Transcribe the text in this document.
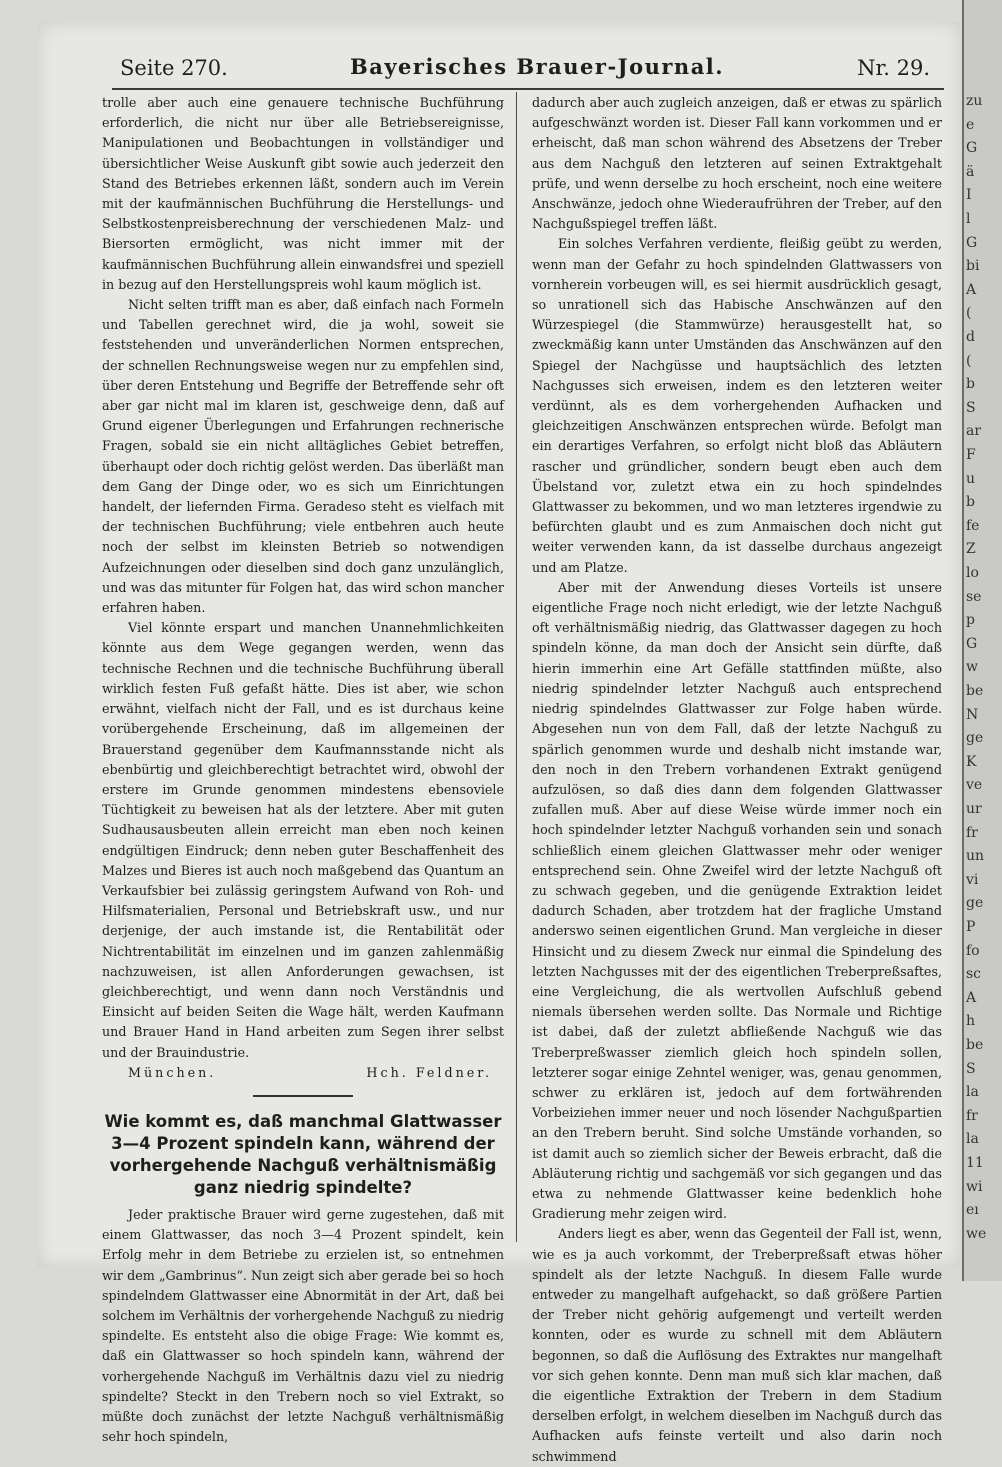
zu
e
G
ä
I
l
G
bi
A
(
d
(
b
S
ar
F
u
b
fe
Z
lo
se
p
G
w
be
N
ge
K
ve
ur
fr
un
vi
ge
P
fo
sc
A
h
be
S
la
fr
la
11
wi
eı
we
Seite 270.	Bayerisches Brauer-Journal.	Nr. 29.

trolle aber auch eine genauere technische Buchführung erforderlich, die nicht nur über alle Betriebsereignisse, Manipulationen und Beobachtungen in vollständiger und übersichtlicher Weise Auskunft gibt sowie auch jederzeit den Stand des Betriebes erkennen läßt, sondern auch im Verein mit der kaufmännischen Buchführung die Herstellungs- und Selbstkostenpreisberechnung der verschiedenen Malz- und Biersorten ermöglicht, was nicht immer mit der kaufmännischen Buchführung allein einwandsfrei und speziell in bezug auf den Herstellungspreis wohl kaum möglich ist.

Nicht selten trifft man es aber, daß einfach nach Formeln und Tabellen gerechnet wird, die ja wohl, soweit sie feststehenden und unveränderlichen Normen entsprechen, der schnellen Rechnungsweise wegen nur zu empfehlen sind, über deren Entstehung und Begriffe der Betreffende sehr oft aber gar nicht mal im klaren ist, geschweige denn, daß auf Grund eigener Überlegungen und Erfahrungen rechnerische Fragen, sobald sie ein nicht alltägliches Gebiet betreffen, überhaupt oder doch richtig gelöst werden. Das überläßt man dem Gang der Dinge oder, wo es sich um Einrichtungen handelt, der liefernden Firma. Geradeso steht es vielfach mit der technischen Buchführung; viele entbehren auch heute noch der selbst im kleinsten Betrieb so notwendigen Aufzeichnungen oder dieselben sind doch ganz unzulänglich, und was das mitunter für Folgen hat, das wird schon mancher erfahren haben.

Viel könnte erspart und manchen Unannehmlichkeiten könnte aus dem Wege gegangen werden, wenn das technische Rechnen und die technische Buchführung überall wirklich festen Fuß gefaßt hätte. Dies ist aber, wie schon erwähnt, vielfach nicht der Fall, und es ist durchaus keine vorübergehende Erscheinung, daß im allgemeinen der Brauerstand gegenüber dem Kaufmannsstande nicht als ebenbürtig und gleichberechtigt betrachtet wird, obwohl der erstere im Grunde genommen mindestens ebensoviele Tüchtigkeit zu beweisen hat als der letztere. Aber mit guten Sudhausausbeuten allein erreicht man eben noch keinen endgültigen Eindruck; denn neben guter Beschaffenheit des Malzes und Bieres ist auch noch maßgebend das Quantum an Verkaufsbier bei zulässig geringstem Aufwand von Roh- und Hilfsmaterialien, Personal und Betriebskraft usw., und nur derjenige, der auch imstande ist, die Rentabilität oder Nichtrentabilität im einzelnen und im ganzen zahlenmäßig nachzuweisen, ist allen Anforderungen gewachsen, ist gleichberechtigt, und wenn dann noch Verständnis und Einsicht auf beiden Seiten die Wage hält, werden Kaufmann und Brauer Hand in Hand arbeiten zum Segen ihrer selbst und der Brauindustrie.

München.	Hch. Feldner.
Wie kommt es, daß manchmal Glattwasser 3—4 Prozent spindeln kann, während der vorhergehende Nachguß verhältnismäßig ganz niedrig spindelte?

Jeder praktische Brauer wird gerne zugestehen, daß mit einem Glattwasser, das noch 3—4 Prozent spindelt, kein Erfolg mehr in dem Betriebe zu erzielen ist, so entnehmen wir dem „Gambrinus“. Nun zeigt sich aber gerade bei so hoch spindelndem Glattwasser eine Abnormität in der Art, daß bei solchem im Verhältnis der vorhergehende Nachguß zu niedrig spindelte. Es entsteht also die obige Frage: Wie kommt es, daß ein Glattwasser so hoch spindeln kann, während der vorhergehende Nachguß im Verhältnis dazu viel zu niedrig spindelte? Steckt in den Trebern noch so viel Extrakt, so müßte doch zunächst der letzte Nachguß verhältnismäßig sehr hoch spindeln,

dadurch aber auch zugleich anzeigen, daß er etwas zu spärlich aufgeschwänzt worden ist. Dieser Fall kann vorkommen und er erheischt, daß man schon während des Absetzens der Treber aus dem Nachguß den letzteren auf seinen Extraktgehalt prüfe, und wenn derselbe zu hoch erscheint, noch eine weitere Anschwänze, jedoch ohne Wiederaufrühren der Treber, auf den Nachgußspiegel treffen läßt.

Ein solches Verfahren verdiente, fleißig geübt zu werden, wenn man der Gefahr zu hoch spindelnden Glattwassers von vornherein vorbeugen will, es sei hiermit ausdrücklich gesagt, so unrationell sich das Habische Anschwänzen auf den Würzespiegel (die Stammwürze) herausgestellt hat, so zweckmäßig kann unter Umständen das Anschwänzen auf den Spiegel der Nachgüsse und hauptsächlich des letzten Nachgusses sich erweisen, indem es den letzteren weiter verdünnt, als es dem vorhergehenden Aufhacken und gleichzeitigen Anschwänzen entsprechen würde. Befolgt man ein derartiges Verfahren, so erfolgt nicht bloß das Abläutern rascher und gründlicher, sondern beugt eben auch dem Übelstand vor, zuletzt etwa ein zu hoch spindelndes Glattwasser zu bekommen, und wo man letzteres irgendwie zu befürchten glaubt und es zum Anmaischen doch nicht gut weiter verwenden kann, da ist dasselbe durchaus angezeigt und am Platze.

Aber mit der Anwendung dieses Vorteils ist unsere eigentliche Frage noch nicht erledigt, wie der letzte Nachguß oft verhältnismäßig niedrig, das Glattwasser dagegen zu hoch spindeln könne, da man doch der Ansicht sein dürfte, daß hierin immerhin eine Art Gefälle stattfinden müßte, also niedrig spindelnder letzter Nachguß auch entsprechend niedrig spindelndes Glattwasser zur Folge haben würde. Abgesehen nun von dem Fall, daß der letzte Nachguß zu spärlich genommen wurde und deshalb nicht imstande war, den noch in den Trebern vorhandenen Extrakt genügend aufzulösen, so daß dies dann dem folgenden Glattwasser zufallen muß. Aber auf diese Weise würde immer noch ein hoch spindelnder letzter Nachguß vorhanden sein und sonach schließlich einem gleichen Glattwasser mehr oder weniger entsprechend sein. Ohne Zweifel wird der letzte Nachguß oft zu schwach gegeben, und die genügende Extraktion leidet dadurch Schaden, aber trotzdem hat der fragliche Umstand anderswo seinen eigentlichen Grund. Man vergleiche in dieser Hinsicht und zu diesem Zweck nur einmal die Spindelung des letzten Nachgusses mit der des eigentlichen Treberpreßsaftes, eine Vergleichung, die als wertvollen Aufschluß gebend niemals übersehen werden sollte. Das Normale und Richtige ist dabei, daß der zuletzt abfließende Nachguß wie das Treberpreßwasser ziemlich gleich hoch spindeln sollen, letzterer sogar einige Zehntel weniger, was, genau genommen, schwer zu erklären ist, jedoch auf dem fortwährenden Vorbeiziehen immer neuer und noch lösender Nachgußpartien an den Trebern beruht. Sind solche Umstände vorhanden, so ist damit auch so ziemlich sicher der Beweis erbracht, daß die Abläuterung richtig und sachgemäß vor sich gegangen und das etwa zu nehmende Glattwasser keine bedenklich hohe Gradierung mehr zeigen wird.

Anders liegt es aber, wenn das Gegenteil der Fall ist, wenn, wie es ja auch vorkommt, der Treberpreßsaft etwas höher spindelt als der letzte Nachguß. In diesem Falle wurde entweder zu mangelhaft aufgehackt, so daß größere Partien der Treber nicht gehörig aufgemengt und verteilt werden konnten, oder es wurde zu schnell mit dem Abläutern begonnen, so daß die Auflösung des Extraktes nur mangelhaft vor sich gehen konnte. Denn man muß sich klar machen, daß die eigentliche Extraktion der Trebern in dem Stadium derselben erfolgt, in welchem dieselben im Nachguß durch das Aufhacken aufs feinste verteilt und also darin noch schwimmend
